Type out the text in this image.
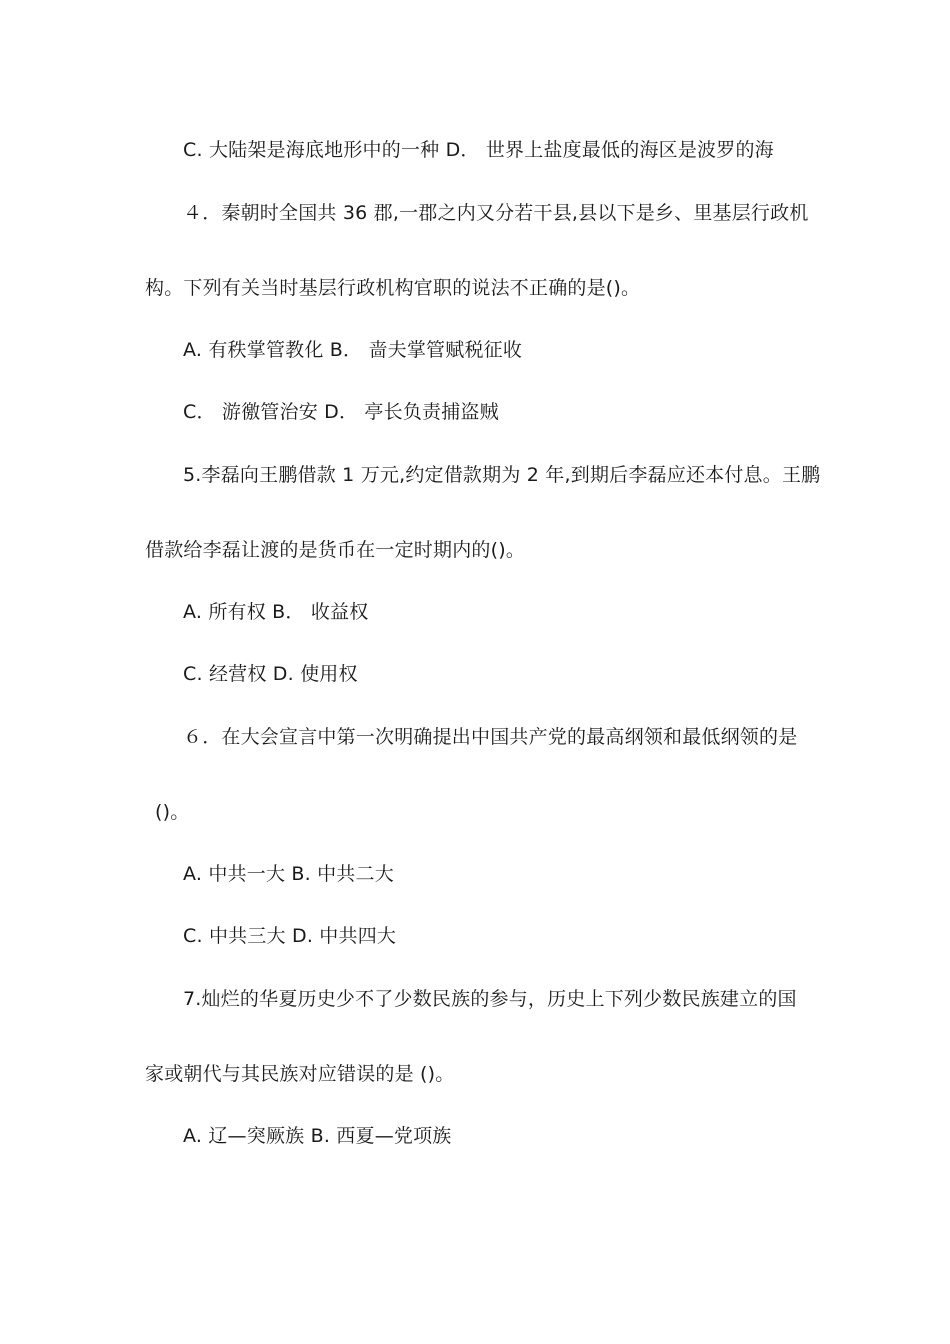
C. 大陆架是海底地形中的一种 D． 世界上盐度最低的海区是波罗的海
４．秦朝时全国共 36 郡,一郡之内又分若干县,县以下是乡、里基层行政机
构。下列有关当时基层行政机构官职的说法不正确的是()。
A. 有秩掌管教化 B． 啬夫掌管赋税征收
C． 游徼管治安 D． 亭长负责捕盗贼
5.李磊向王鹏借款 1 万元,约定借款期为 2 年,到期后李磊应还本付息。王鹏
借款给李磊让渡的是货币在一定时期内的()。
A. 所有权 B． 收益权
C. 经营权 D. 使用权
６．在大会宣言中第一次明确提出中国共产党的最高纲领和最低纲领的是
()。
A. 中共一大 B. 中共二大
C. 中共三大 D. 中共四大
7.灿烂的华夏历史少不了少数民族的参与，历史上下列少数民族建立的国
家或朝代与其民族对应错误的是 ()。
A. 辽—突厥族 B. 西夏—党项族
